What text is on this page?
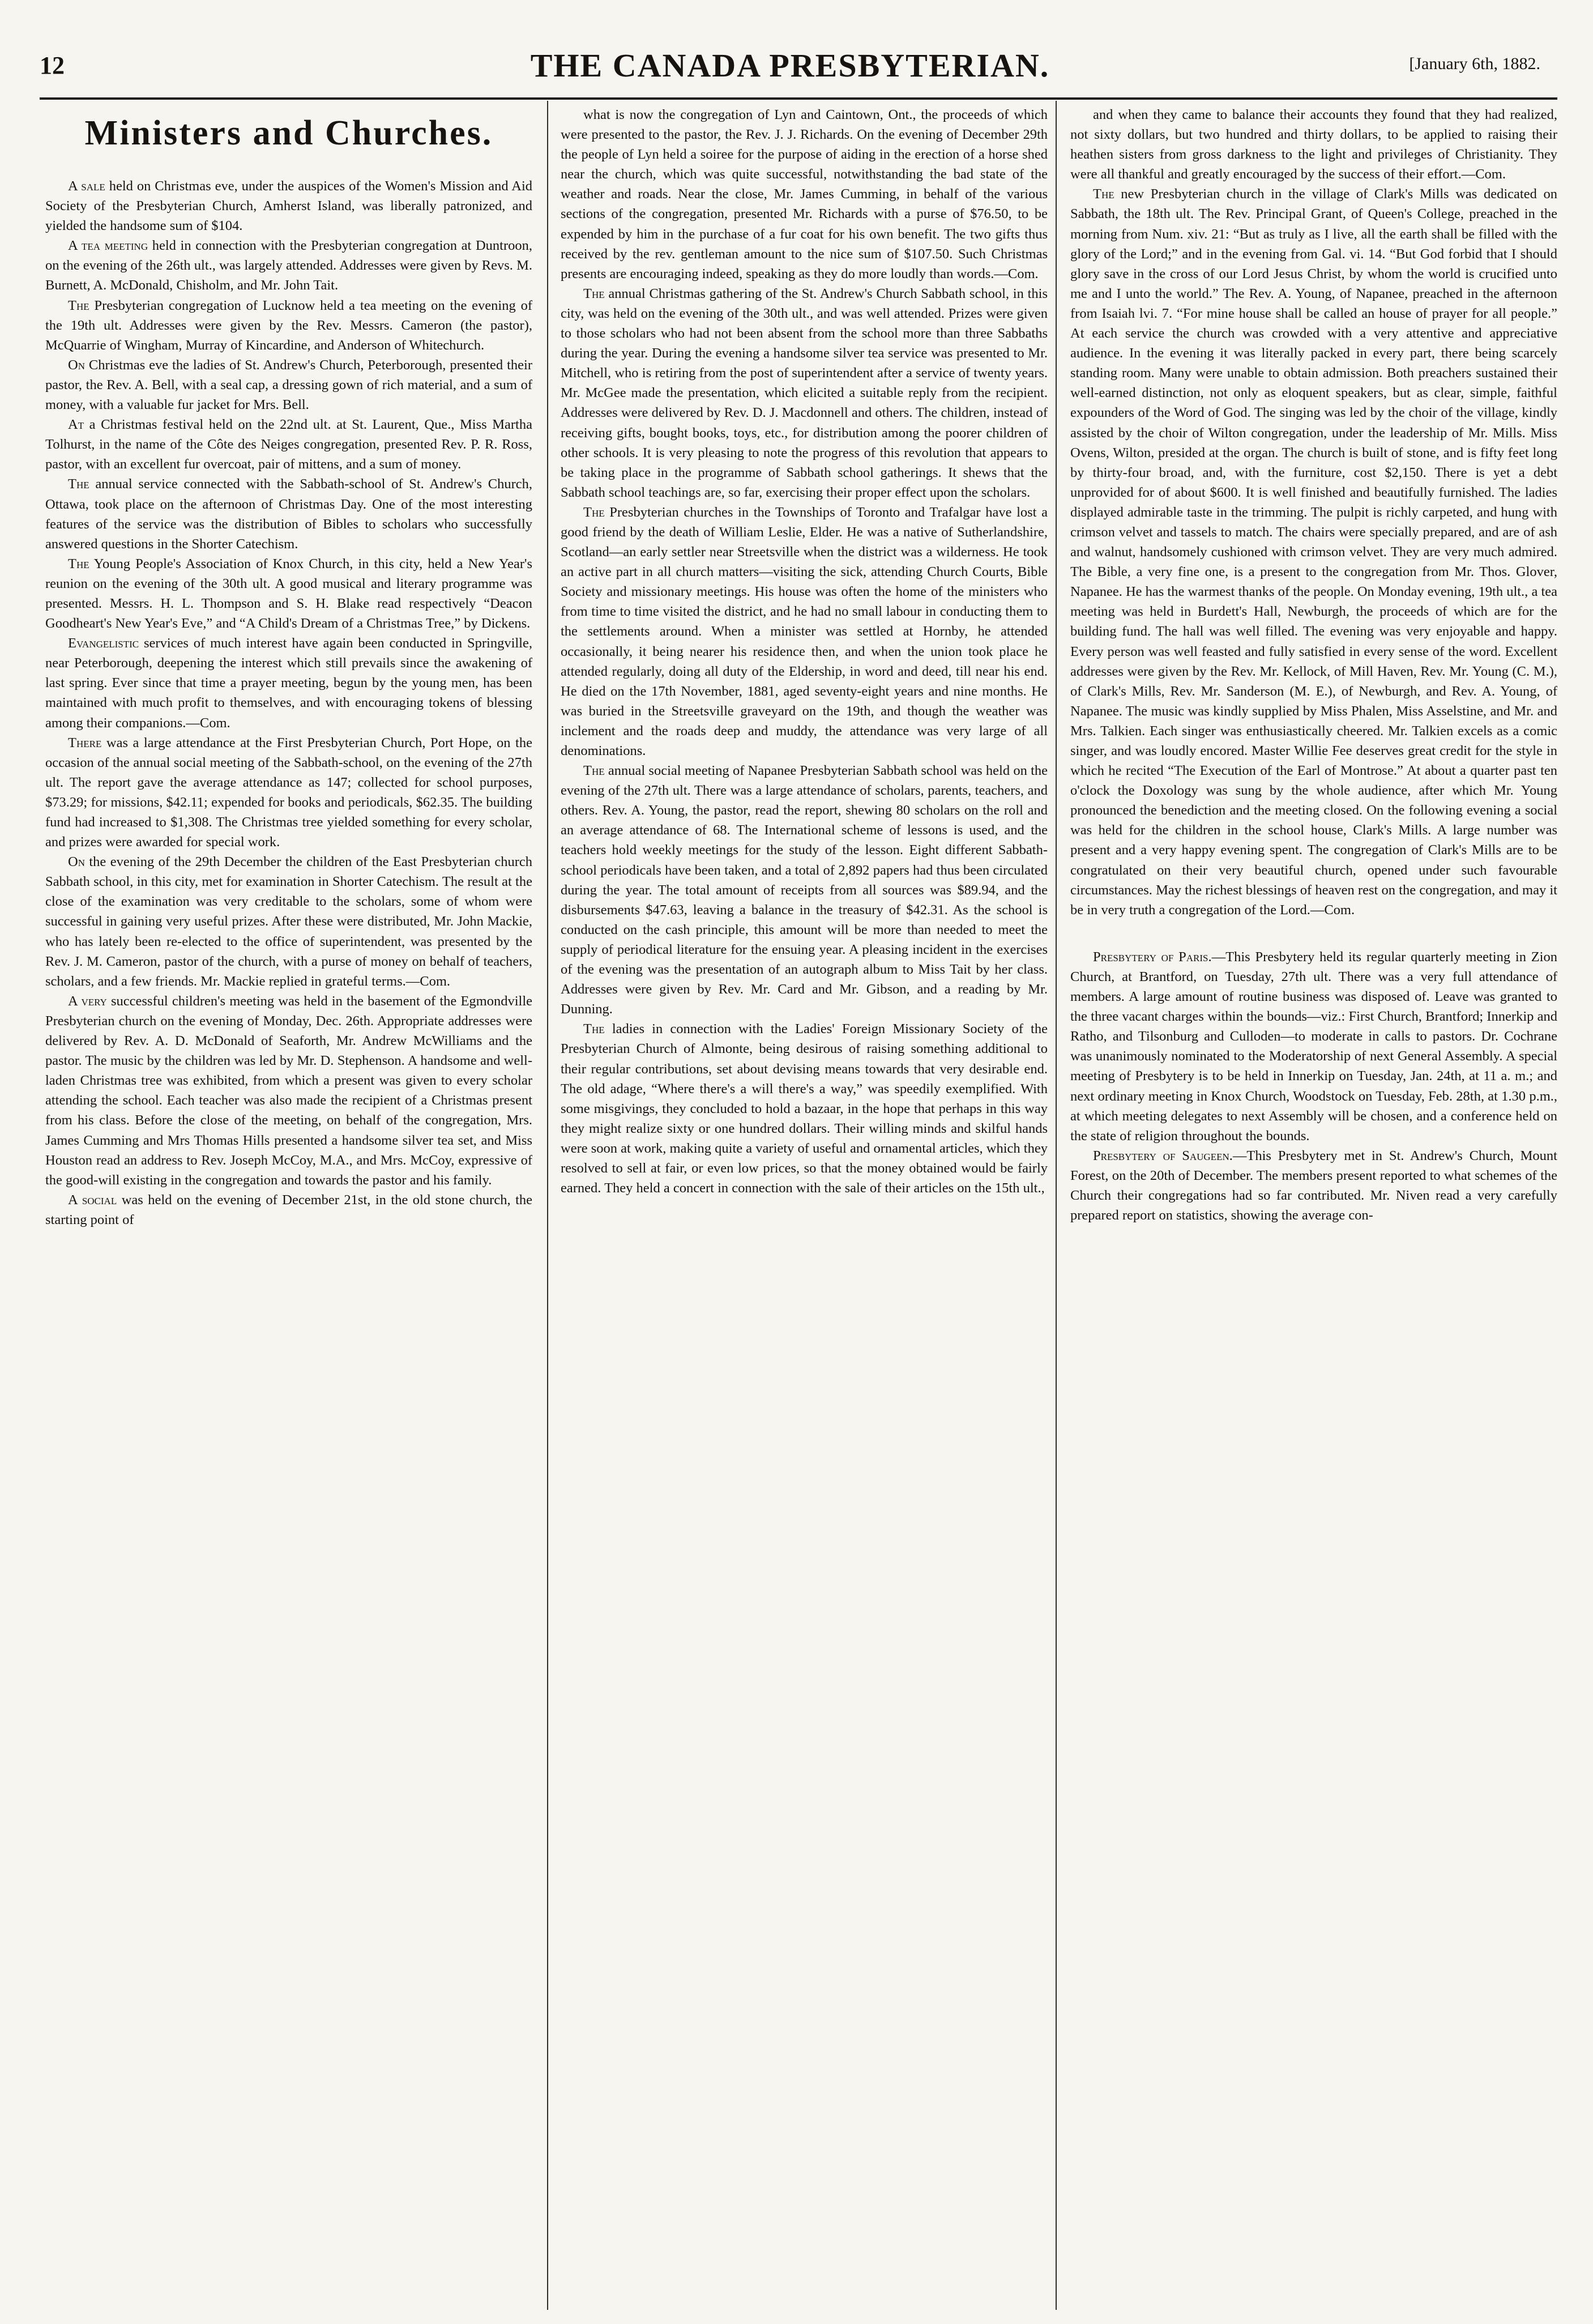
12	THE CANADA PRESBYTERIAN.	[January 6th, 1882.
Ministers and Churches.

A sale held on Christmas eve, under the auspices of the Women's Mission and Aid Society of the Presbyterian Church, Amherst Island, was liberally patronized, and yielded the handsome sum of $104.

A tea meeting held in connection with the Presbyterian congregation at Duntroon, on the evening of the 26th ult., was largely attended. Addresses were given by Revs. M. Burnett, A. McDonald, Chisholm, and Mr. John Tait.

The Presbyterian congregation of Lucknow held a tea meeting on the evening of the 19th ult. Addresses were given by the Rev. Messrs. Cameron (the pastor), McQuarrie of Wingham, Murray of Kincardine, and Anderson of Whitechurch.

On Christmas eve the ladies of St. Andrew's Church, Peterborough, presented their pastor, the Rev. A. Bell, with a seal cap, a dressing gown of rich material, and a sum of money, with a valuable fur jacket for Mrs. Bell.

At a Christmas festival held on the 22nd ult. at St. Laurent, Que., Miss Martha Tolhurst, in the name of the Côte des Neiges congregation, presented Rev. P. R. Ross, pastor, with an excellent fur overcoat, pair of mittens, and a sum of money.

The annual service connected with the Sabbath-school of St. Andrew's Church, Ottawa, took place on the afternoon of Christmas Day. One of the most interesting features of the service was the distribution of Bibles to scholars who successfully answered questions in the Shorter Catechism.

The Young People's Association of Knox Church, in this city, held a New Year's reunion on the evening of the 30th ult. A good musical and literary programme was presented. Messrs. H. L. Thompson and S. H. Blake read respectively “Deacon Goodheart's New Year's Eve,” and “A Child's Dream of a Christmas Tree,” by Dickens.

Evangelistic services of much interest have again been conducted in Springville, near Peterborough, deepening the interest which still prevails since the awakening of last spring. Ever since that time a prayer meeting, begun by the young men, has been maintained with much profit to themselves, and with encouraging tokens of blessing among their companions.—Com.

There was a large attendance at the First Presbyterian Church, Port Hope, on the occasion of the annual social meeting of the Sabbath-school, on the evening of the 27th ult. The report gave the average attendance as 147; collected for school purposes, $73.29; for missions, $42.11; expended for books and periodicals, $62.35. The building fund had increased to $1,308. The Christmas tree yielded something for every scholar, and prizes were awarded for special work.

On the evening of the 29th December the children of the East Presbyterian church Sabbath school, in this city, met for examination in Shorter Catechism. The result at the close of the examination was very creditable to the scholars, some of whom were successful in gaining very useful prizes. After these were distributed, Mr. John Mackie, who has lately been re-elected to the office of superintendent, was presented by the Rev. J. M. Cameron, pastor of the church, with a purse of money on behalf of teachers, scholars, and a few friends. Mr. Mackie replied in grateful terms.—Com.

A very successful children's meeting was held in the basement of the Egmondville Presbyterian church on the evening of Monday, Dec. 26th. Appropriate addresses were delivered by Rev. A. D. McDonald of Seaforth, Mr. Andrew McWilliams and the pastor. The music by the children was led by Mr. D. Stephenson. A handsome and well-laden Christmas tree was exhibited, from which a present was given to every scholar attending the school. Each teacher was also made the recipient of a Christmas present from his class. Before the close of the meeting, on behalf of the congregation, Mrs. James Cumming and Mrs Thomas Hills presented a handsome silver tea set, and Miss Houston read an address to Rev. Joseph McCoy, M.A., and Mrs. McCoy, expressive of the good-will existing in the congregation and towards the pastor and his family.

A social was held on the evening of December 21st, in the old stone church, the starting point of

what is now the congregation of Lyn and Caintown, Ont., the proceeds of which were presented to the pastor, the Rev. J. J. Richards. On the evening of December 29th the people of Lyn held a soiree for the purpose of aiding in the erection of a horse shed near the church, which was quite successful, notwithstanding the bad state of the weather and roads. Near the close, Mr. James Cumming, in behalf of the various sections of the congregation, presented Mr. Richards with a purse of $76.50, to be expended by him in the purchase of a fur coat for his own benefit. The two gifts thus received by the rev. gentleman amount to the nice sum of $107.50. Such Christmas presents are encouraging indeed, speaking as they do more loudly than words.—Com.

The annual Christmas gathering of the St. Andrew's Church Sabbath school, in this city, was held on the evening of the 30th ult., and was well attended. Prizes were given to those scholars who had not been absent from the school more than three Sabbaths during the year. During the evening a handsome silver tea service was presented to Mr. Mitchell, who is retiring from the post of superintendent after a service of twenty years. Mr. McGee made the presentation, which elicited a suitable reply from the recipient. Addresses were delivered by Rev. D. J. Macdonnell and others. The children, instead of receiving gifts, bought books, toys, etc., for distribution among the poorer children of other schools. It is very pleasing to note the progress of this revolution that appears to be taking place in the programme of Sabbath school gatherings. It shews that the Sabbath school teachings are, so far, exercising their proper effect upon the scholars.

The Presbyterian churches in the Townships of Toronto and Trafalgar have lost a good friend by the death of William Leslie, Elder. He was a native of Sutherlandshire, Scotland—an early settler near Streetsville when the district was a wilderness. He took an active part in all church matters—visiting the sick, attending Church Courts, Bible Society and missionary meetings. His house was often the home of the ministers who from time to time visited the district, and he had no small labour in conducting them to the settlements around. When a minister was settled at Hornby, he attended occasionally, it being nearer his residence then, and when the union took place he attended regularly, doing all duty of the Eldership, in word and deed, till near his end. He died on the 17th November, 1881, aged seventy-eight years and nine months. He was buried in the Streetsville graveyard on the 19th, and though the weather was inclement and the roads deep and muddy, the attendance was very large of all denominations.

The annual social meeting of Napanee Presbyterian Sabbath school was held on the evening of the 27th ult. There was a large attendance of scholars, parents, teachers, and others. Rev. A. Young, the pastor, read the report, shewing 80 scholars on the roll and an average attendance of 68. The International scheme of lessons is used, and the teachers hold weekly meetings for the study of the lesson. Eight different Sabbath-school periodicals have been taken, and a total of 2,892 papers had thus been circulated during the year. The total amount of receipts from all sources was $89.94, and the disbursements $47.63, leaving a balance in the treasury of $42.31. As the school is conducted on the cash principle, this amount will be more than needed to meet the supply of periodical literature for the ensuing year. A pleasing incident in the exercises of the evening was the presentation of an autograph album to Miss Tait by her class. Addresses were given by Rev. Mr. Card and Mr. Gibson, and a reading by Mr. Dunning.

The ladies in connection with the Ladies' Foreign Missionary Society of the Presbyterian Church of Almonte, being desirous of raising something additional to their regular contributions, set about devising means towards that very desirable end. The old adage, “Where there's a will there's a way,” was speedily exemplified. With some misgivings, they concluded to hold a bazaar, in the hope that perhaps in this way they might realize sixty or one hundred dollars. Their willing minds and skilful hands were soon at work, making quite a variety of useful and ornamental articles, which they resolved to sell at fair, or even low prices, so that the money obtained would be fairly earned. They held a concert in connection with the sale of their articles on the 15th ult.,

and when they came to balance their accounts they found that they had realized, not sixty dollars, but two hundred and thirty dollars, to be applied to raising their heathen sisters from gross darkness to the light and privileges of Christianity. They were all thankful and greatly encouraged by the success of their effort.—Com.

The new Presbyterian church in the village of Clark's Mills was dedicated on Sabbath, the 18th ult. The Rev. Principal Grant, of Queen's College, preached in the morning from Num. xiv. 21: “But as truly as I live, all the earth shall be filled with the glory of the Lord;” and in the evening from Gal. vi. 14. “But God forbid that I should glory save in the cross of our Lord Jesus Christ, by whom the world is crucified unto me and I unto the world.” The Rev. A. Young, of Napanee, preached in the afternoon from Isaiah lvi. 7. “For mine house shall be called an house of prayer for all people.” At each service the church was crowded with a very attentive and appreciative audience. In the evening it was literally packed in every part, there being scarcely standing room. Many were unable to obtain admission. Both preachers sustained their well-earned distinction, not only as eloquent speakers, but as clear, simple, faithful expounders of the Word of God. The singing was led by the choir of the village, kindly assisted by the choir of Wilton congregation, under the leadership of Mr. Mills. Miss Ovens, Wilton, presided at the organ. The church is built of stone, and is fifty feet long by thirty-four broad, and, with the furniture, cost $2,150. There is yet a debt unprovided for of about $600. It is well finished and beautifully furnished. The ladies displayed admirable taste in the trimming. The pulpit is richly carpeted, and hung with crimson velvet and tassels to match. The chairs were specially prepared, and are of ash and walnut, handsomely cushioned with crimson velvet. They are very much admired. The Bible, a very fine one, is a present to the congregation from Mr. Thos. Glover, Napanee. He has the warmest thanks of the people. On Monday evening, 19th ult., a tea meeting was held in Burdett's Hall, Newburgh, the proceeds of which are for the building fund. The hall was well filled. The evening was very enjoyable and happy. Every person was well feasted and fully satisfied in every sense of the word. Excellent addresses were given by the Rev. Mr. Kellock, of Mill Haven, Rev. Mr. Young (C. M.), of Clark's Mills, Rev. Mr. Sanderson (M. E.), of Newburgh, and Rev. A. Young, of Napanee. The music was kindly supplied by Miss Phalen, Miss Asselstine, and Mr. and Mrs. Talkien. Each singer was enthusiastically cheered. Mr. Talkien excels as a comic singer, and was loudly encored. Master Willie Fee deserves great credit for the style in which he recited “The Execution of the Earl of Montrose.” At about a quarter past ten o'clock the Doxology was sung by the whole audience, after which Mr. Young pronounced the benediction and the meeting closed. On the following evening a social was held for the children in the school house, Clark's Mills. A large number was present and a very happy evening spent. The congregation of Clark's Mills are to be congratulated on their very beautiful church, opened under such favourable circumstances. May the richest blessings of heaven rest on the congregation, and may it be in very truth a congregation of the Lord.—Com.

Presbytery of Paris.—This Presbytery held its regular quarterly meeting in Zion Church, at Brantford, on Tuesday, 27th ult. There was a very full attendance of members. A large amount of routine business was disposed of. Leave was granted to the three vacant charges within the bounds—viz.: First Church, Brantford; Innerkip and Ratho, and Tilsonburg and Culloden—to moderate in calls to pastors. Dr. Cochrane was unanimously nominated to the Moderatorship of next General Assembly. A special meeting of Presbytery is to be held in Innerkip on Tuesday, Jan. 24th, at 11 a. m.; and next ordinary meeting in Knox Church, Woodstock on Tuesday, Feb. 28th, at 1.30 p.m., at which meeting delegates to next Assembly will be chosen, and a conference held on the state of religion throughout the bounds.

Presbytery of Saugeen.—This Presbytery met in St. Andrew's Church, Mount Forest, on the 20th of December. The members present reported to what schemes of the Church their congregations had so far contributed. Mr. Niven read a very carefully prepared report on statistics, showing the average con-
